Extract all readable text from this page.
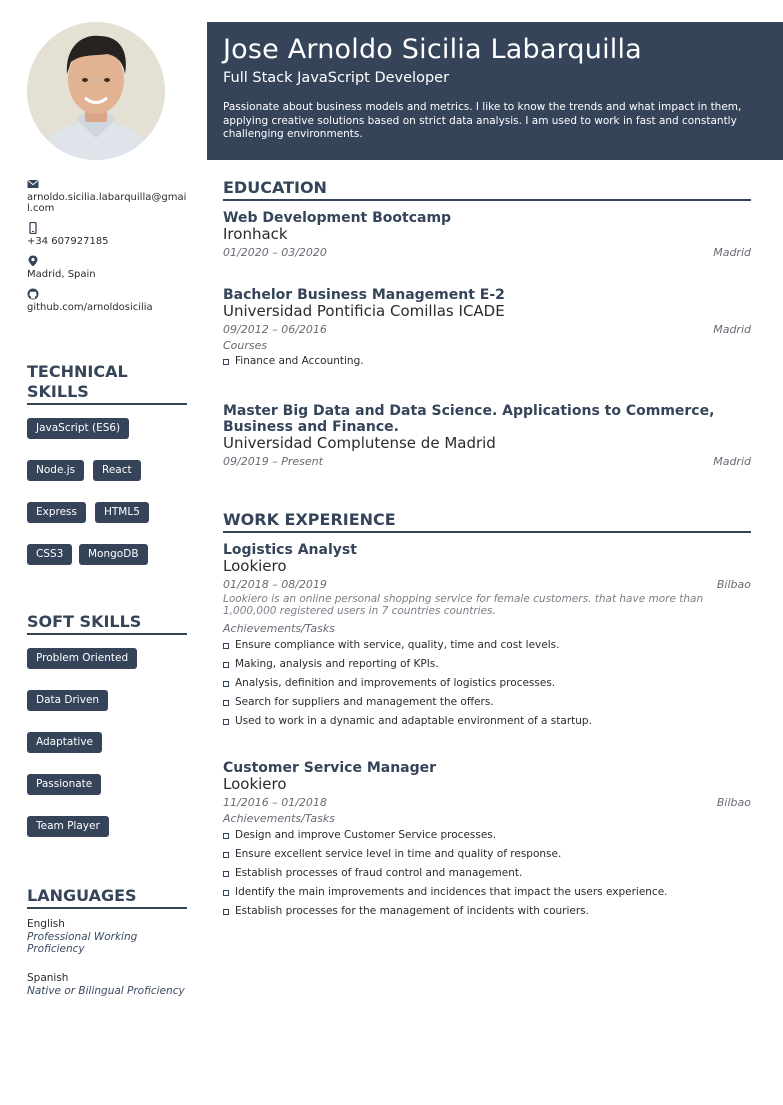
arnoldo.sicilia.labarquilla@gmail.com
+34 607927185
Madrid, Spain
github.com/arnoldosicilia
TECHNICAL SKILLS
JavaScript (ES6)
Node.js	React
Express	HTML5
CSS3	MongoDB
SOFT SKILLS
Problem Oriented
Data Driven
Adaptative
Passionate
Team Player
LANGUAGES
English
Professional Working Proficiency
Spanish
Native or Bilingual Proficiency
Jose Arnoldo Sicilia Labarquilla
Full Stack JavaScript Developer
Passionate about business models and metrics. I like to know the trends and what impact in them, applying creative solutions based on strict data analysis. I am used to work in fast and constantly challenging environments.
EDUCATION
Web Development Bootcamp
Ironhack
01/2020 – 03/2020	Madrid
Bachelor Business Management E-2
Universidad Pontificia Comillas ICADE
09/2012 – 06/2016	Madrid
Courses
Finance and Accounting.
Master Big Data and Data Science. Applications to Commerce, Business and Finance.
Universidad Complutense de Madrid
09/2019 – Present	Madrid
WORK EXPERIENCE
Logistics Analyst
Lookiero
01/2018 – 08/2019	Bilbao
Lookiero is an online personal shopping service for female customers. that have more than 1,000,000 registered users in 7 countries countries.
Achievements/Tasks
Ensure compliance with service, quality, time and cost levels.
Making, analysis and reporting of KPIs.
Analysis, definition and improvements of logistics processes.
Search for suppliers and management the offers.
Used to work in a dynamic and adaptable environment of a startup.
Customer Service Manager
Lookiero
11/2016 – 01/2018	Bilbao
Achievements/Tasks
Design and improve Customer Service processes.
Ensure excellent service level in time and quality of response.
Establish processes of fraud control and management.
Identify the main improvements and incidences that impact the users experience.
Establish processes for the management of incidents with couriers.
